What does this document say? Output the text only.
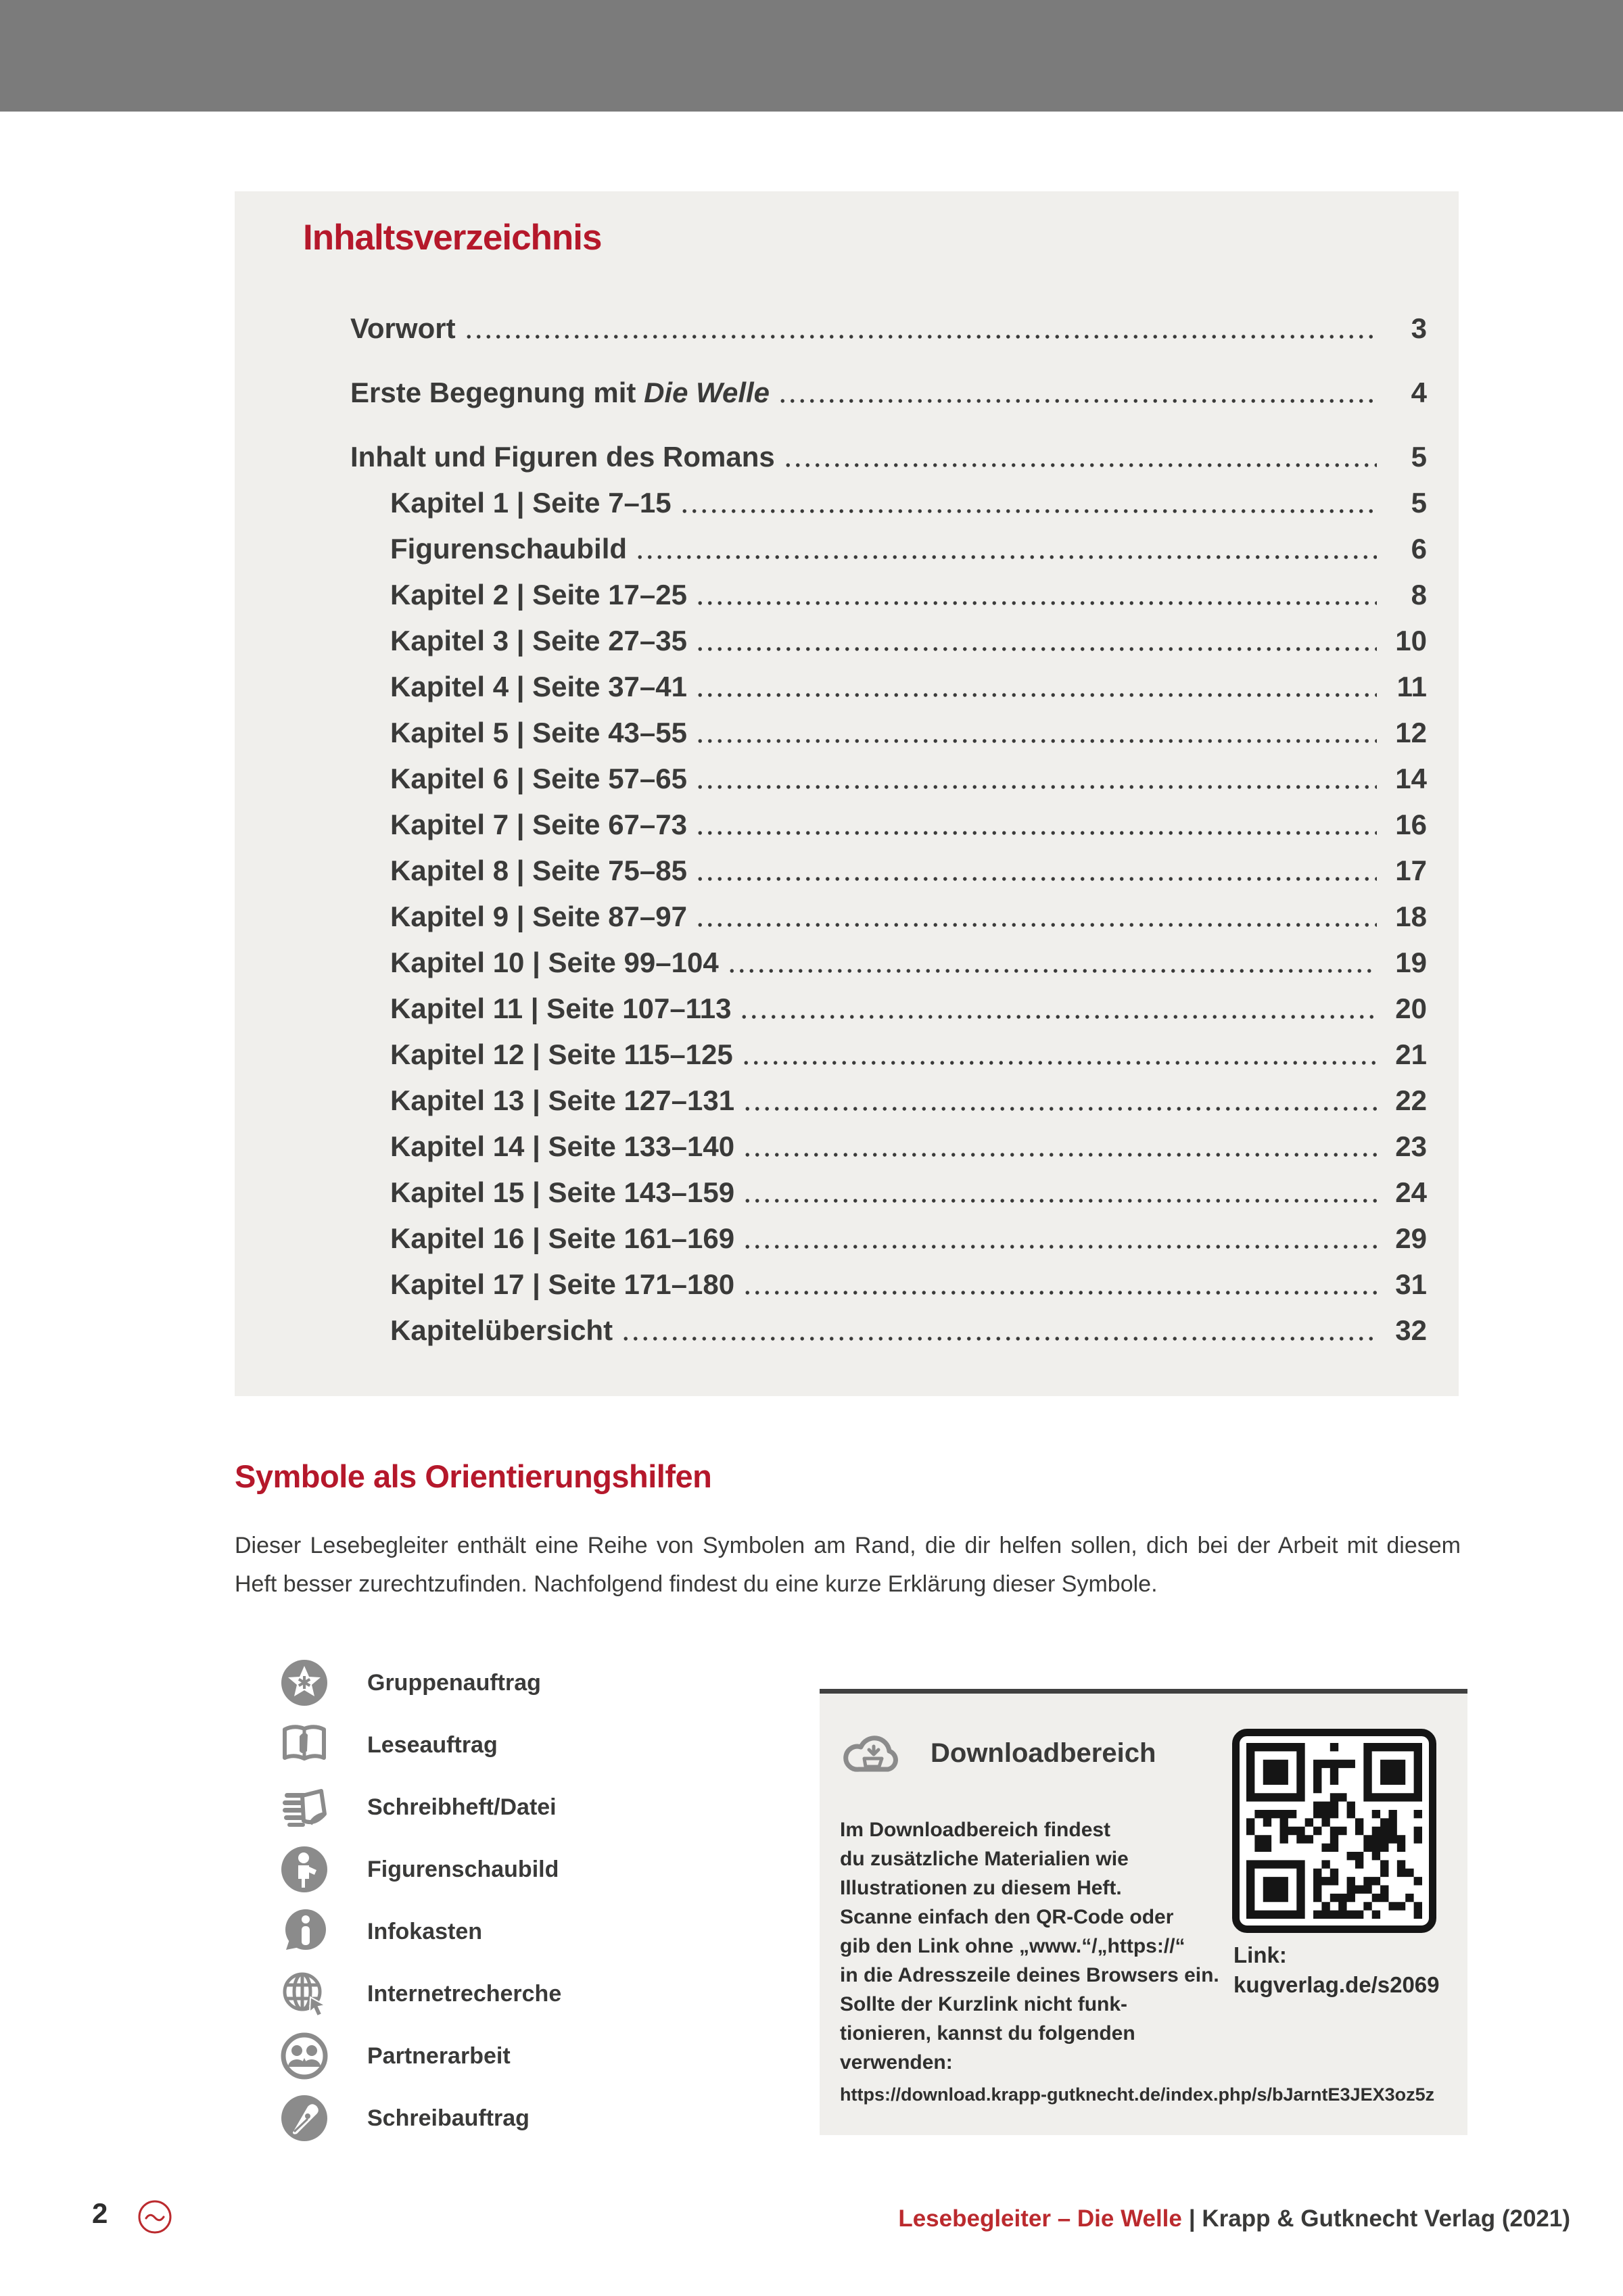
Inhaltsverzeichnis
Vorwort	3
Erste Begegnung mit Die Welle	4
Inhalt und Figuren des Romans	5
Kapitel 1 | Seite 7–15	5
Figurenschaubild	6
Kapitel 2 | Seite 17–25	8
Kapitel 3 | Seite 27–35	10
Kapitel 4 | Seite 37–41	11
Kapitel 5 | Seite 43–55	12
Kapitel 6 | Seite 57–65	14
Kapitel 7 | Seite 67–73	16
Kapitel 8 | Seite 75–85	17
Kapitel 9 | Seite 87–97	18
Kapitel 10 | Seite 99–104	19
Kapitel 11 | Seite 107–113	20
Kapitel 12 | Seite 115–125	21
Kapitel 13 | Seite 127–131	22
Kapitel 14 | Seite 133–140	23
Kapitel 15 | Seite 143–159	24
Kapitel 16 | Seite 161–169	29
Kapitel 17 | Seite 171–180	31
Kapitelübersicht	32
Symbole als Orientierungshilfen
Dieser Lesebegleiter enthält eine Reihe von Symbolen am Rand, die dir helfen sollen, dich bei der Arbeit mit diesem Heft besser zurechtzufinden. Nachfolgend findest du eine kurze Erklärung dieser Symbole.
✱ Gruppenauftrag
Leseauftrag
Schreibheft/Datei
Figurenschaubild
Infokasten
Internetrecherche
Partnerarbeit
Schreibauftrag
Downloadbereich
Im Downloadbereich findest
du zusätzliche Materialien wie
Illustrationen zu diesem Heft.
Scanne einfach den QR-Code oder
gib den Link ohne „www.“/„https://“
in die Adresszeile deines Browsers ein.
Sollte der Kurzlink nicht funk-
tionieren, kannst du folgenden
verwenden:
Link:
kugverlag.de/s2069
https://download.krapp-gutknecht.de/index.php/s/bJarntE3JEX3oz5z
2	Lesebegleiter – Die Welle | Krapp & Gutknecht Verlag (2021)
